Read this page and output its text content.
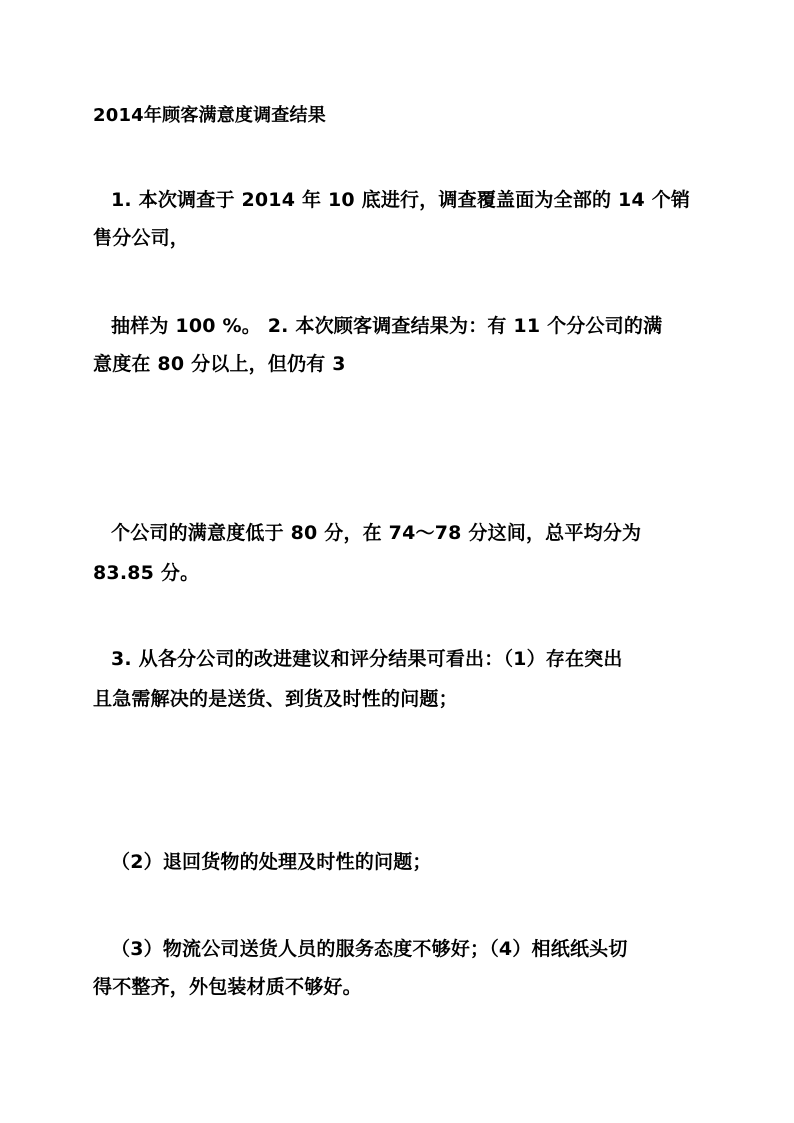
2014年顾客满意度调查结果
1. 本次调查于 2014 年 10 底进行，调查覆盖面为全部的 14 个销
售分公司，
抽样为 100 %。 2. 本次顾客调查结果为：有 11 个分公司的满
意度在 80 分以上，但仍有 3
个公司的满意度低于 80 分，在 74～78 分这间，总平均分为
83.85 分。
3. 从各分公司的改进建议和评分结果可看出：（1）存在突出
且急需解决的是送货、到货及时性的问题；
（2）退回货物的处理及时性的问题；
（3）物流公司送货人员的服务态度不够好；（4）相纸纸头切
得不整齐，外包装材质不够好。
